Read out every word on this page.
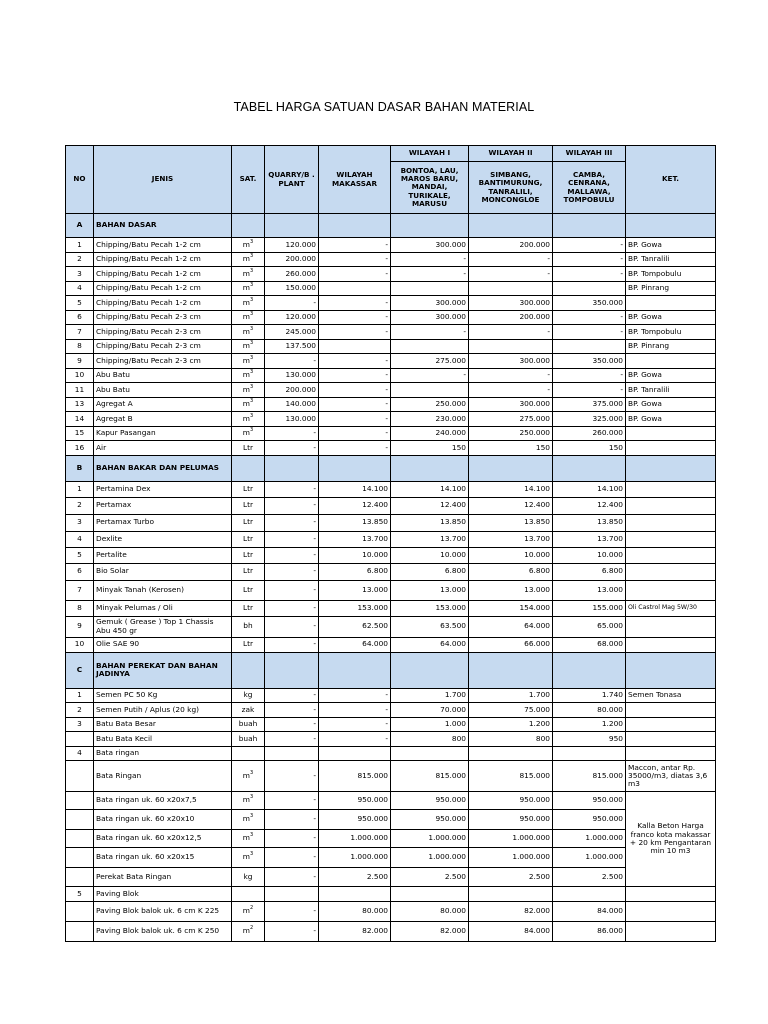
TABEL HARGA SATUAN DASAR BAHAN MATERIAL
NO	JENIS	SAT.	QUARRY/B . PLANT	WILAYAH MAKASSAR	WILAYAH I	WILAYAH II	WILAYAH III	KET.
					BONTOA, LAU, MAROS BARU, MANDAI, TURIKALE, MARUSU	SIMBANG, BANTIMURUNG, TANRALILI, MONCONGLOE	CAMBA, CENRANA, MALLAWA, TOMPOBULU	
A	BAHAN DASAR							
1	Chipping/Batu Pecah 1-2 cm	$m^3$	120.000	-	300.000	200.000	-	BP. Gowa
2	Chipping/Batu Pecah 1-2 cm	$m^3$	200.000	-	-	-	-	BP. Tanralili
3	Chipping/Batu Pecah 1-2 cm	$m^3$	260.000	-	-	-	-	BP. Tompobulu
4	Chipping/Batu Pecah 1-2 cm	$m^3$	150.000					BP. Pinrang
5	Chipping/Batu Pecah 1-2 cm	$m^3$	-	-	300.000	300.000	350.000	
6	Chipping/Batu Pecah 2-3 cm	$m^3$	120.000	-	300.000	200.000	-	BP. Gowa
7	Chipping/Batu Pecah 2-3 cm	$m^3$	245.000	-	-	-	-	BP. Tompobulu
8	Chipping/Batu Pecah 2-3 cm	$m^3$	137.500					BP. Pinrang
9	Chipping/Batu Pecah 2-3 cm	$m^3$	-	-	275.000	300.000	350.000	
10	Abu Batu	$m^3$	130.000	-	-	-	-	BP. Gowa
11	Abu Batu	$m^3$	200.000	-		-	-	BP. Tanralili
13	Agregat A	$m^3$	140.000	-	250.000	300.000	375.000	BP. Gowa
14	Agregat B	$m^3$	130.000	-	230.000	275.000	325.000	BP. Gowa
15	Kapur Pasangan	$m^3$	-	-	240.000	250.000	260.000	
16	Air	Ltr	-	-	150	150	150	
B	BAHAN BAKAR DAN PELUMAS							
1	Pertamina Dex	Ltr	-	14.100	14.100	14.100	14.100	
2	Pertamax	Ltr	-	12.400	12.400	12.400	12.400	
3	Pertamax Turbo	Ltr	-	13.850	13.850	13.850	13.850	
4	Dexlite	Ltr	-	13.700	13.700	13.700	13.700	
5	Pertalite	Ltr	-	10.000	10.000	10.000	10.000	
6	Bio Solar	Ltr	-	6.800	6.800	6.800	6.800	
7	Minyak Tanah (Kerosen)	Ltr	-	13.000	13.000	13.000	13.000	
8	Minyak Pelumas / Oli	Ltr	-	153.000	153.000	154.000	155.000	Oli Castrol Mag 5W/30
9	Gemuk ( Grease ) Top 1 Chassis Abu 450 gr	bh	-	62.500	63.500	64.000	65.000	
10	Olie SAE 90	Ltr	-	64.000	64.000	66.000	68.000	
C	BAHAN PEREKAT DAN BAHAN JADINYA							
1	Semen PC 50 Kg	kg	-	-	1.700	1.700	1.740	Semen Tonasa
2	Semen Putih / Aplus (20 kg)	zak	-	-	70.000	75.000	80.000	
3	Batu Bata Besar	buah	-	-	1.000	1.200	1.200	
	Batu Bata Kecil	buah	-	-	800	800	950	
4	Bata ringan							
	Bata Ringan	$m^3$	-	815.000	815.000	815.000	815.000	Maccon, antar Rp. 35000/m3, diatas 3,6 m3
	Bata ringan uk. 60 x20x7,5	$m^3$	-	950.000	950.000	950.000	950.000	Kalla Beton Harga franco kota makassar + 20 km Pengantaran min 10 m3
	Bata ringan uk. 60 x20x10	$m^3$	-	950.000	950.000	950.000	950.000	
	Bata ringan uk. 60 x20x12,5	$m^3$	-	1.000.000	1.000.000	1.000.000	1.000.000	
	Bata ringan uk. 60 x20x15	$m^3$	-	1.000.000	1.000.000	1.000.000	1.000.000	
	Perekat Bata Ringan	kg	-	2.500	2.500	2.500	2.500	
5	Paving Blok							
	Paving Blok balok uk. 6 cm K 225	$m^2$	-	80.000	80.000	82.000	84.000	
	Paving Blok balok uk. 6 cm K 250	$m^2$	-	82.000	82.000	84.000	86.000	
